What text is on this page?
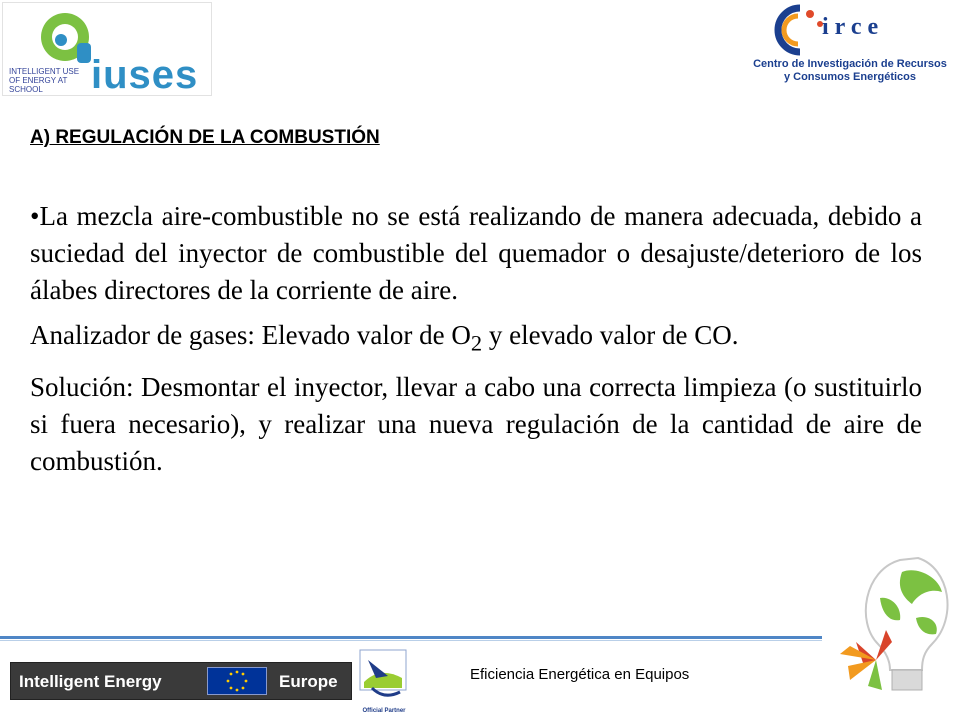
INTELLIGENT USE OF ENERGY AT SCHOOL	iuses
irce
Centro de Investigación de Recursos
y Consumos Energéticos
A) REGULACIÓN DE LA COMBUSTIÓN

•La mezcla aire-combustible no se está realizando de manera adecuada, debido a suciedad del inyector de combustible del quemador o desajuste/deterioro de los álabes directores de la corriente de aire.

Analizador de gases: Elevado valor de $O_2$ y elevado valor de CO.

Solución: Desmontar el inyector, llevar a cabo una correcta limpieza (o sustituirlo si fuera necesario), y realizar una nueva regulación de la cantidad de aire de combustión.

Intelligent Energy	Europe
Official Partner
Eficiencia Energética en Equipos
